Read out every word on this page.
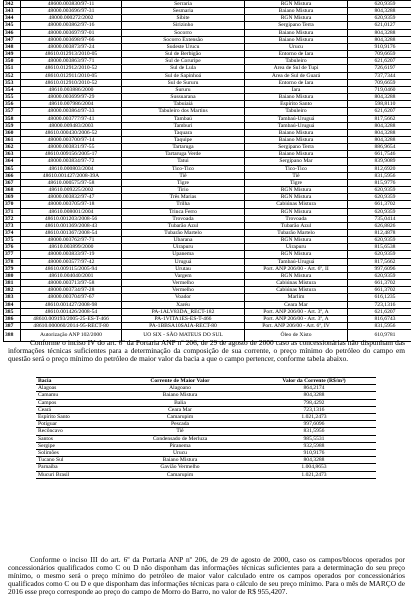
342	48600.003830/97-11	Serraria	RGN Mistura	620,9359
343	48000.003696/97-31	Sesmaria	Baiano Mistura	804,3288
344	48000.000272/2002	Sibite	RGN Mistura	620,9359
345	48000.003862/97-16	Sirizinho	Sergipano Terra	621,0127
346	48000.003697/97-01	Socorro	Baiano Mistura	804,3288
347	48000.003698/97-66	Socorro Extensão	Baiano Mistura	804,3288
348	48000.003873/97-24	Sudeste Urucu	Urucu	910,9176
349	48610.012913/2010-05	Sul de Berbigão	Entorno de Iara	709,6659
350	48000.003863/97-71	Sul de Coruripe	Tabuleiro	621,6207
351	48610.012912/2010-52	Sul de Lula	Área de Sul de Tupi	726,6197
352	48610.012911/2010-05	Sul de Sapinhoá	Área de Sul de Guará	737,7344
353	48610.012910/2010-52	Sul de Sururu	Entorno de Iara	709,6659
354	48610.003886/2000	Sururu	Iara	719,0460
355	48000.003699/97-29	Sussuarana	Baiano Mistura	804,3288
356	48610.007986/2004	Tabuiaiá	Espírito Santo	598,8110
357	48000.003864/97-33	Tabuleiro dos Martins	Tabuleiro	621,6207
358	48000.003777/97-41	Tambaú	Tambaú-Uruguá	817,5662
359	48000.009483/2003	Tamburi	Tambaú-Uruguá	804,3288
360	48610.000430/2006-52	Taquara	Baiano Mistura	804,3288
361	48000.003700/97-14	Taquipe	Baiano Mistura	804,3288
362	48000.003831/97-55	Tartaruga	Sergipano Terra	886,9654
363	48610.009156/2005-17	Tartaruga Verde	Baiano Mistura	661,7546
364	48000.003834/97-72	Tatui	Sergipano Mar	839,9089
365	48610.000803/2004	Tico-Tico	Tico-Tico	812,6920
366	48610.001427/2008-39A	Tiê	Tiê	831,5956
367	48610.000575/97-58	Tigre	Tigre	815,9776
368	48610.009225/2002	Tirio	RGN Mistura	620,9359
369	48000.003832/97-47	Três Marias	RGN Mistura	620,9359
370	48000.003705/97-18	Trilha	Cabiúnas Mistura	661,3702
371	48610.008001/2004	Trinca Ferro	RGN Mistura	620,9359
372	48610.001203/2008-56	Trovoada	Trovoada	735,0414
373	48610.001369/2008-43	Tubarão Azul	Tubarão Azul	626,8826
374	48610.001367/2008-54	Tubarão Martelo	Tubarão Martelo	812,4878
375	48000.003762/97-71	Ubarana	RGN Mistura	620,9359
376	48610.003899/2000	Uirapuru	Uirapuru	815,6538
377	48000.003833/97-19	Upanema	RGN Mistura	620,9359
378	48000.003577/97-42	Uruguá	Tambaú-Uruguá	817,5662
379	48610.009115/2005-94	Urutau	Port. ANP 206/00 - Art. 6º, II	997,6096
380	48610.004040/2001	Vargem	RGN Mistura	620,9359
381	48000.003713/97-58	Vermelho	Cabiúnas Mistura	661,3702
382	48000.003734/97-28	Vermelho	Cabiúnas Mistura	661,3702
383	48000.003704/97-67	Voador	Marlim	616,1235
384	48610.001427/2008-98	Xaréu	Ceara Mar	723,1316
385	48610.001426/2008-54	PA-1ALV83DA_RECT-182	Port. ANP 206/00 - Art. 3º, A	621,6207
386	48610.009193/2005-25-ES-T-466	PA-1VITA1ES-ES-T-466	Port. ANP 206/00 - Art. 3º, A	816,6743
387	48610.000060/2014-95-RECT-80	PA-1BBSA10SAIA-RECT-80	Port. ANP 206/00 - Art. 6º, IV	831,5956
388	Autorização ANP 102/2000	UO SIX - SÃO MATEUS DO SUL	Óleo de Xisto	610,9781

Conforme o inciso IV do art. 6º da Portaria ANP nº 206, de 29 de agosto de 2000 caso as concessionárias não dispunham das informações técnicas suficientes para a determinação da composição de sua corrente, o preço mínimo do petróleo do campo em questão será o preço mínimo do petróleo de maior valor da bacia a que o campo pertencer, conforme tabela abaixo.

Bacia	Corrente de Maior Valor	Valor da Corrente (R$/m³)
Alagoas	Alagoano	864,2174
Camamu	Baiano Mistura	804,3288
Campos	Balia	798,4292
Ceará	Ceara Mar	723,1316
Espírito Santo	Camarupim	1.021,2473
Potiguar	Pescada	997,6096
Recôncavo	Tiê	831,5956
Santos	Condensado de Merluza	985,5531
Sergipe	Piranema	932,5988
Solimões	Urucu	910,9176
Tucano Sul	Baiano Mistura	804,3288
Parnaíba	Gavião Vermelho	1.004,8653
Mucuri Brasil	Camarupim	1.021,2473

Conforme o inciso III do art. 6º da Portaria ANP nº 206, de 29 de agosto de 2000, caso os campos/blocos operados por concessionários qualificados como C ou D não disponham das informações técnicas suficientes para a determinação do seu preço mínimo, o mesmo será o preço mínimo do petróleo de maior valor calculado entre os campos operados por concessionários qualificados como C ou D e que disponham das informações técnicas para o cálculo de seu preço mínimo. Para o mês de MARÇO de 2016 esse preço corresponde ao preço do campo de Morro do Barro, no valor de R$ 955,4207.
